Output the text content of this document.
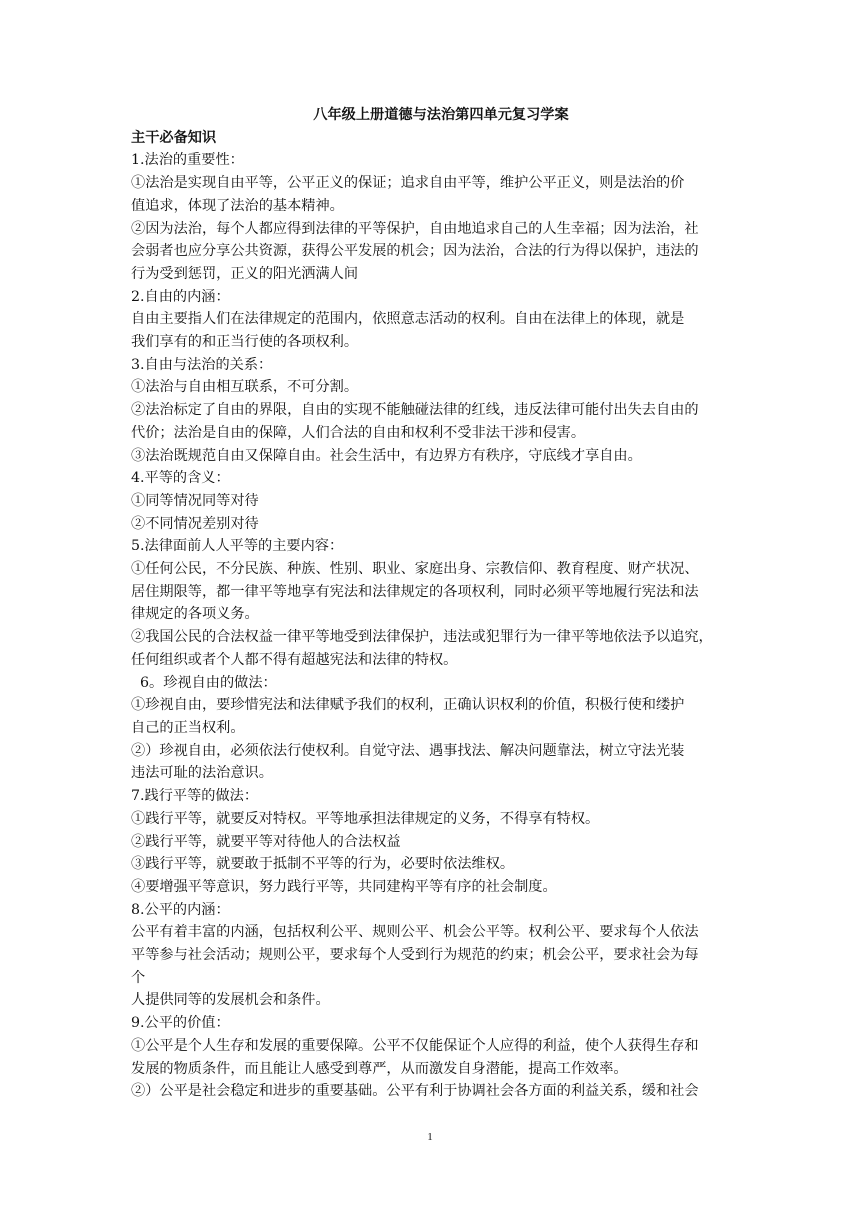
八年级上册道德与法治第四单元复习学案
主干必备知识
1.法治的重要性：
①法治是实现自由平等，公平正义的保证；追求自由平等，维护公平正义，则是法治的价
值追求，体现了法治的基本精神。
②因为法治，每个人都应得到法律的平等保护，自由地追求自己的人生幸福；因为法治，社
会弱者也应分享公共资源，获得公平发展的机会；因为法治，合法的行为得以保护，违法的
行为受到惩罚，正义的阳光洒满人间
2.自由的内涵：
自由主要指人们在法律规定的范围内，依照意志活动的权利。自由在法律上的体现，就是
我们享有的和正当行使的各项权利。
3.自由与法治的关系：
①法治与自由相互联系，不可分割。
②法治标定了自由的界限，自由的实现不能触碰法律的红线，违反法律可能付出失去自由的
代价；法治是自由的保障，人们合法的自由和权利不受非法干涉和侵害。
③法治既规范自由又保障自由。社会生活中，有边界方有秩序，守底线才享自由。
4.平等的含义：
①同等情况同等对待
②不同情况差别对待
5.法律面前人人平等的主要内容：
①任何公民，不分民族、种族、性别、职业、家庭出身、宗教信仰、教育程度、财产状况、
居住期限等，都一律平等地享有宪法和法律规定的各项权利，同时必须平等地履行宪法和法
律规定的各项义务。
②我国公民的合法权益一律平等地受到法律保护，违法或犯罪行为一律平等地依法予以追究，
任何组织或者个人都不得有超越宪法和法律的特权。
6。珍视自由的做法：
①珍视自由，要珍惜宪法和法律赋予我们的权利，正确认识权利的价值，积极行使和缕护
自己的正当权利。
②）珍视自由，必须依法行使权利。自觉守法、遇事找法、解决问题靠法，树立守法光装
违法可耻的法治意识。
7.践行平等的做法：
①践行平等，就要反对特权。平等地承担法律规定的义务，不得享有特权。
②践行平等，就要平等对待他人的合法权益
③践行平等，就要敢于抵制不平等的行为，必要时依法维权。
④要增强平等意识，努力践行平等，共同建构平等有序的社会制度。
8.公平的内涵：
公平有着丰富的内涵，包括权利公平、规则公平、机会公平等。权利公平、要求每个人依法
平等参与社会活动；规则公平，要求每个人受到行为规范的约束；机会公平，要求社会为每
个
人提供同等的发展机会和条件。
9.公平的价值：
①公平是个人生存和发展的重要保障。公平不仅能保证个人应得的利益，使个人获得生存和
发展的物质条件，而且能让人感受到尊严，从而激发自身潜能，提高工作效率。
②）公平是社会稳定和进步的重要基础。公平有利于协调社会各方面的利益关系，缓和社会
1
